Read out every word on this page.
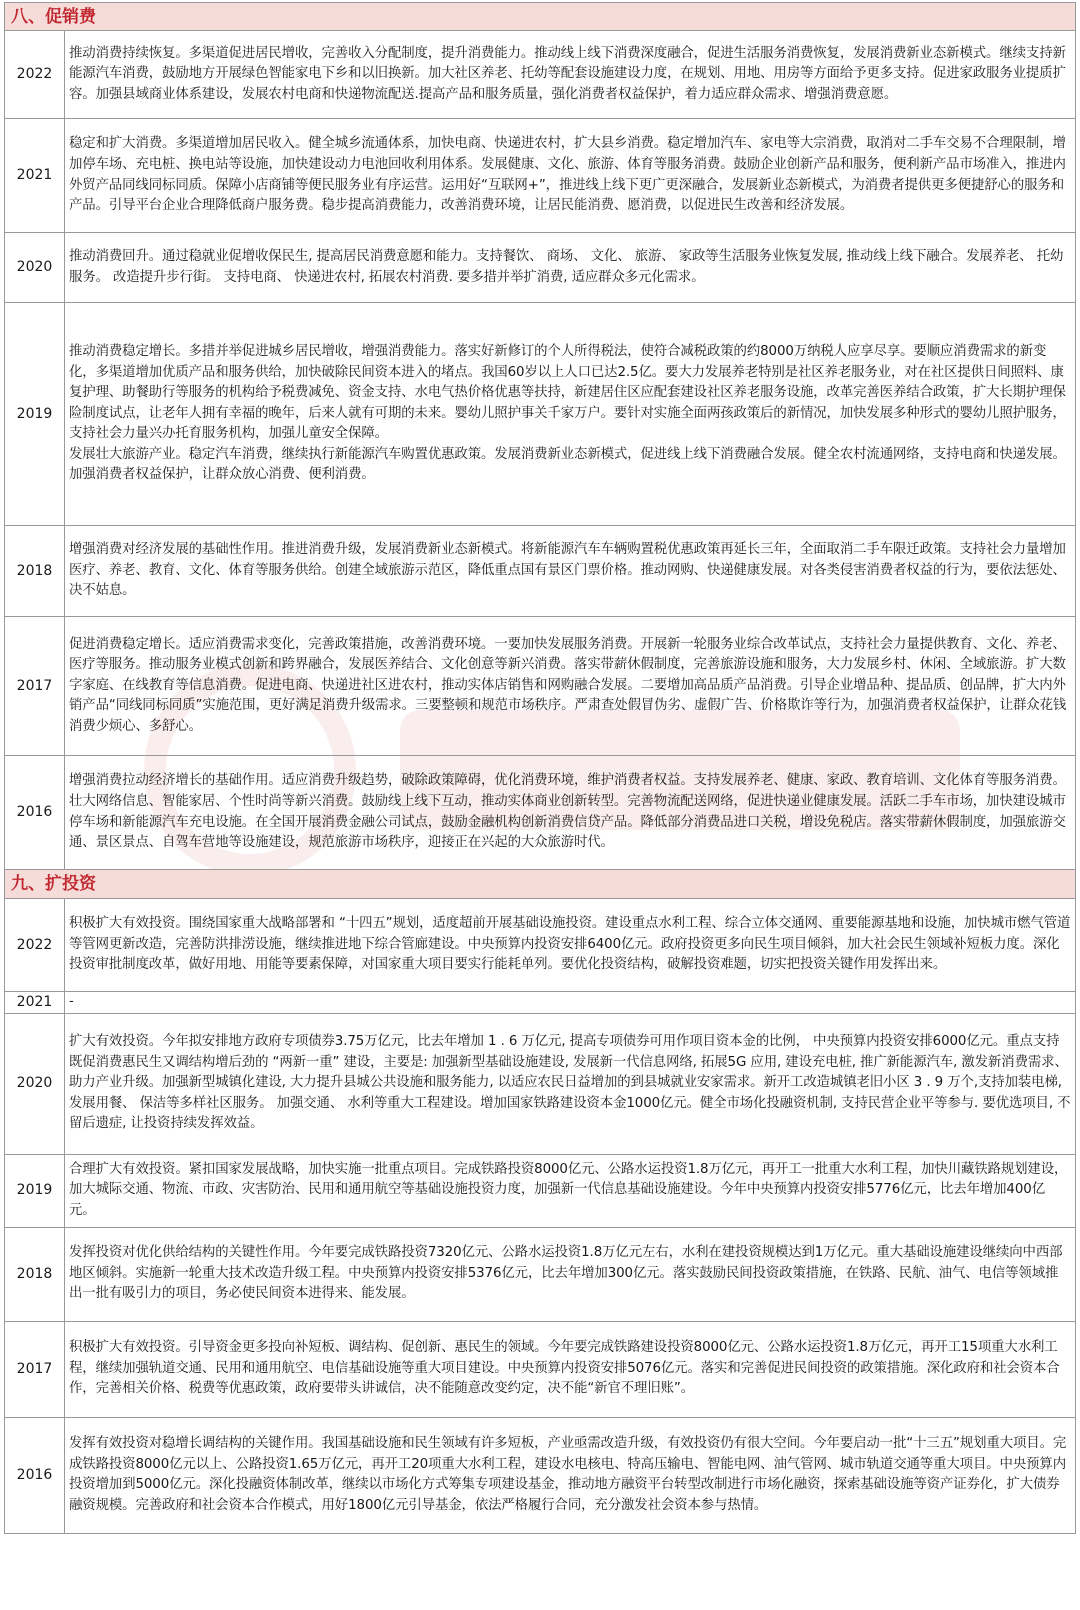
八、促销费
2022	推动消费持续恢复。多渠道促进居民增收，完善收入分配制度，提升消费能力。推动线上线下消费深度融合，促进生活服务消费恢复，发展消费新业态新模式。继续支持新能源汽车消费，鼓励地方开展绿色智能家电下乡和以旧换新。加大社区养老、托幼等配套设施建设力度，在规划、用地、用房等方面给予更多支持。促进家政服务业提质扩容。加强县域商业体系建设，发展农村电商和快递物流配送.提高产品和服务质量，强化消费者权益保护，着力适应群众需求、增强消费意愿。
2021	稳定和扩大消费。多渠道增加居民收入。健全城乡流通体系，加快电商、快递进农村，扩大县乡消费。稳定增加汽车、家电等大宗消费，取消对二手车交易不合理限制，增加停车场、充电桩、换电站等设施，加快建设动力电池回收利用体系。发展健康、文化、旅游、体育等服务消费。鼓励企业创新产品和服务，便利新产品市场准入，推进内外贸产品同线同标同质。保障小店商铺等便民服务业有序运营。运用好“互联网+”，推进线上线下更广更深融合，发展新业态新模式，为消费者提供更多便捷舒心的服务和产品。引导平台企业合理降低商户服务费。稳步提高消费能力，改善消费环境，让居民能消费、愿消费，以促进民生改善和经济发展。
2020	推动消费回升。通过稳就业促增收保民生, 提高居民消费意愿和能力。支持餐饮、 商场、 文化、 旅游、 家政等生活服务业恢复发展, 推动线上线下融合。发展养老、 托幼服务。 改造提升步行街。 支持电商、 快递进农村, 拓展农村消费. 要多措并举扩消费, 适应群众多元化需求。
2019	推动消费稳定增长。多措并举促进城乡居民增收，增强消费能力。落实好新修订的个人所得税法，使符合减税政策的约8000万纳税人应享尽享。要顺应消费需求的新变化，多渠道增加优质产品和服务供给，加快破除民间资本进入的堵点。我国60岁以上人口已达2.5亿。要大力发展养老特别是社区养老服务业，对在社区提供日间照料、康复护理、助餐助行等服务的机构给予税费减免、资金支持、水电气热价格优惠等扶持，新建居住区应配套建设社区养老服务设施，改革完善医养结合政策，扩大长期护理保险制度试点，让老年人拥有幸福的晚年，后来人就有可期的未来。婴幼儿照护事关千家万户。要针对实施全面两孩政策后的新情况，加快发展多种形式的婴幼儿照护服务，支持社会力量兴办托育服务机构，加强儿童安全保障。

发展壮大旅游产业。稳定汽车消费，继续执行新能源汽车购置优惠政策。发展消费新业态新模式，促进线上线下消费融合发展。健全农村流通网络，支持电商和快递发展。加强消费者权益保护，让群众放心消费、便利消费。

2018	增强消费对经济发展的基础性作用。推进消费升级，发展消费新业态新模式。将新能源汽车车辆购置税优惠政策再延长三年，全面取消二手车限迁政策。支持社会力量增加医疗、养老、教育、文化、体育等服务供给。创建全域旅游示范区，降低重点国有景区门票价格。推动网购、快递健康发展。对各类侵害消费者权益的行为，要依法惩处、决不姑息。
2017	促进消费稳定增长。适应消费需求变化，完善政策措施，改善消费环境。一要加快发展服务消费。开展新一轮服务业综合改革试点，支持社会力量提供教育、文化、养老、医疗等服务。推动服务业模式创新和跨界融合，发展医养结合、文化创意等新兴消费。落实带薪休假制度，完善旅游设施和服务，大力发展乡村、休闲、全域旅游。扩大数字家庭、在线教育等信息消费。促进电商、快递进社区进农村，推动实体店销售和网购融合发展。二要增加高品质产品消费。引导企业增品种、提品质、创品牌，扩大内外销产品“同线同标同质”实施范围，更好满足消费升级需求。三要整顿和规范市场秩序。严肃查处假冒伪劣、虚假广告、价格欺诈等行为，加强消费者权益保护，让群众花钱消费少烦心、多舒心。
2016	增强消费拉动经济增长的基础作用。适应消费升级趋势，破除政策障碍，优化消费环境，维护消费者权益。支持发展养老、健康、家政、教育培训、文化体育等服务消费。壮大网络信息、智能家居、个性时尚等新兴消费。鼓励线上线下互动，推动实体商业创新转型。完善物流配送网络，促进快递业健康发展。活跃二手车市场，加快建设城市停车场和新能源汽车充电设施。在全国开展消费金融公司试点，鼓励金融机构创新消费信贷产品。降低部分消费品进口关税，增设免税店。落实带薪休假制度，加强旅游交通、景区景点、自驾车营地等设施建设，规范旅游市场秩序，迎接正在兴起的大众旅游时代。
九、扩投资
2022	积极扩大有效投资。围绕国家重大战略部署和 “十四五”规划，适度超前开展基础设施投资。建设重点水利工程、综合立体交通网、重要能源基地和设施，加快城市燃气管道等管网更新改造，完善防洪排涝设施，继续推进地下综合管廊建设。中央预算内投资安排6400亿元。政府投资更多向民生项目倾斜，加大社会民生领域补短板力度。深化投资审批制度改革，做好用地、用能等要素保障，对国家重大项目要实行能耗单列。要优化投资结构，破解投资难题，切实把投资关键作用发挥出来。
2021	-
2020	扩大有效投资。今年拟安排地方政府专项债券3.75万亿元，比去年增加 1 . 6 万亿元, 提高专项债券可用作项目资本金的比例， 中央预算内投资安排6000亿元。重点支持既促消费惠民生又调结构增后劲的 “两新一重” 建设，主要是: 加强新型基础设施建设, 发展新一代信息网络, 拓展5G 应用, 建设充电桩, 推广新能源汽车, 激发新消费需求、 助力产业升级。加强新型城镇化建设, 大力提升县城公共设施和服务能力, 以适应农民日益增加的到县城就业安家需求。新开工改造城镇老旧小区 3 . 9 万个,支持加装电梯, 发展用餐、 保洁等多样社区服务。 加强交通、 水利等重大工程建设。增加国家铁路建设资本金1000亿元。健全市场化投融资机制, 支持民营企业平等参与. 要优选项目, 不留后遗症, 让投资持续发挥效益。
2019	合理扩大有效投资。紧扣国家发展战略，加快实施一批重点项目。完成铁路投资8000亿元、公路水运投资1.8万亿元，再开工一批重大水利工程，加快川藏铁路规划建设，加大城际交通、物流、市政、灾害防治、民用和通用航空等基础设施投资力度，加强新一代信息基础设施建设。今年中央预算内投资安排5776亿元，比去年增加400亿元。
2018	发挥投资对优化供给结构的关键性作用。今年要完成铁路投资7320亿元、公路水运投资1.8万亿元左右，水利在建投资规模达到1万亿元。重大基础设施建设继续向中西部地区倾斜。实施新一轮重大技术改造升级工程。中央预算内投资安排5376亿元，比去年增加300亿元。落实鼓励民间投资政策措施，在铁路、民航、油气、电信等领域推出一批有吸引力的项目，务必使民间资本进得来、能发展。
2017	积极扩大有效投资。引导资金更多投向补短板、调结构、促创新、惠民生的领域。今年要完成铁路建设投资8000亿元、公路水运投资1.8万亿元，再开工15项重大水利工程，继续加强轨道交通、民用和通用航空、电信基础设施等重大项目建设。中央预算内投资安排5076亿元。落实和完善促进民间投资的政策措施。深化政府和社会资本合作，完善相关价格、税费等优惠政策，政府要带头讲诚信，决不能随意改变约定，决不能“新官不理旧账”。
2016	发挥有效投资对稳增长调结构的关键作用。我国基础设施和民生领域有许多短板，产业亟需改造升级，有效投资仍有很大空间。今年要启动一批“十三五”规划重大项目。完成铁路投资8000亿元以上、公路投资1.65万亿元，再开工20项重大水利工程，建设水电核电、特高压输电、智能电网、油气管网、城市轨道交通等重大项目。中央预算内投资增加到5000亿元。深化投融资体制改革，继续以市场化方式筹集专项建设基金，推动地方融资平台转型改制进行市场化融资，探索基础设施等资产证券化，扩大债券融资规模。完善政府和社会资本合作模式，用好1800亿元引导基金，依法严格履行合同，充分激发社会资本参与热情。
